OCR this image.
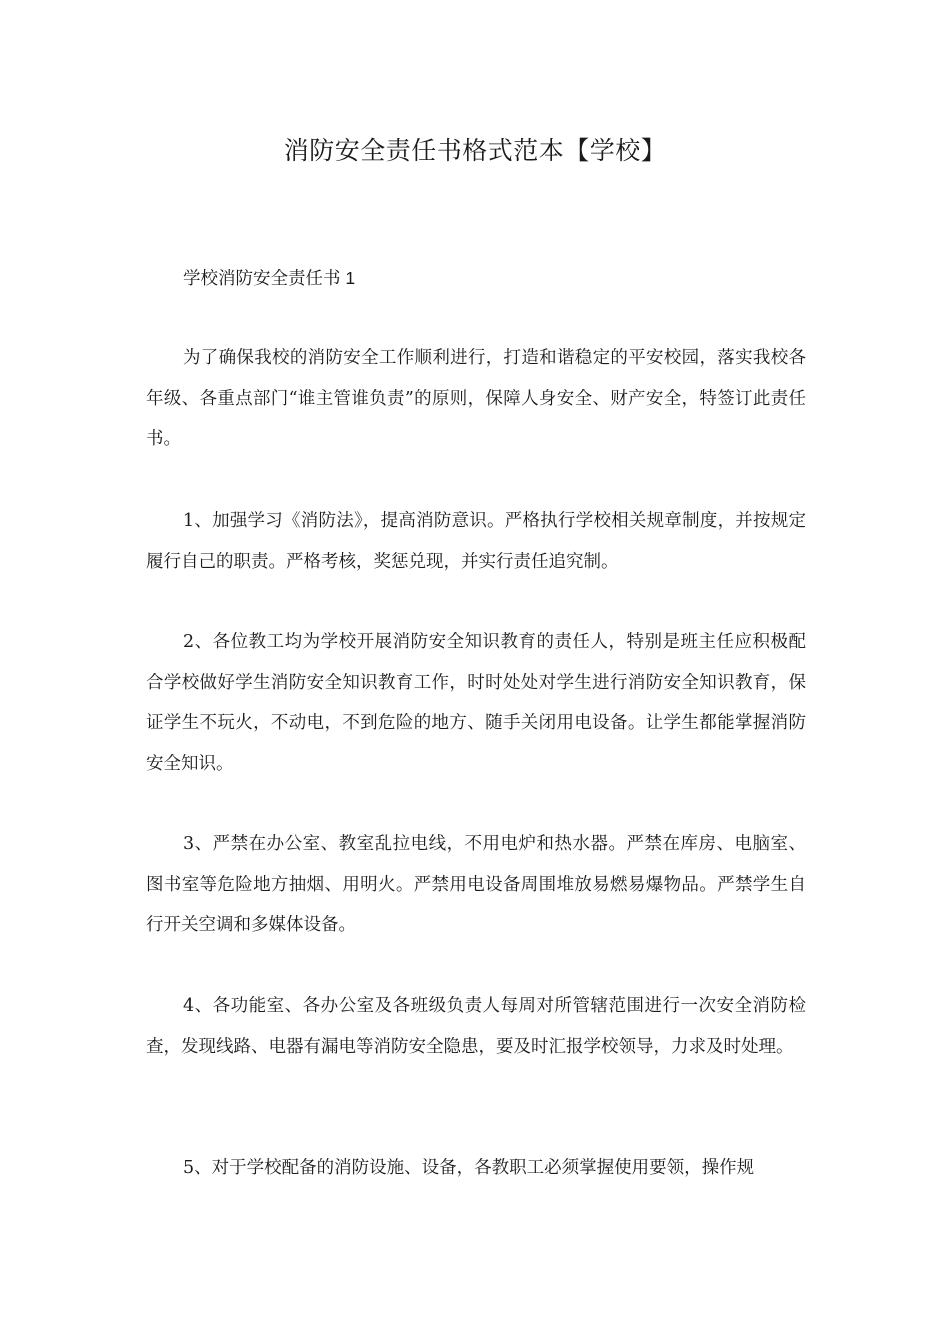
消防安全责任书格式范本【学校】
学校消防安全责任书 1

为了确保我校的消防安全工作顺利进行，打造和谐稳定的平安校园，落实我校各年级、各重点部门“谁主管谁负责”的原则，保障人身安全、财产安全，特签订此责任书。

1、加强学习《消防法》，提高消防意识。严格执行学校相关规章制度，并按规定履行自己的职责。严格考核，奖惩兑现，并实行责任追究制。

2、各位教工均为学校开展消防安全知识教育的责任人，特别是班主任应积极配合学校做好学生消防安全知识教育工作，时时处处对学生进行消防安全知识教育，保证学生不玩火，不动电，不到危险的地方、随手关闭用电设备。让学生都能掌握消防安全知识。

3、严禁在办公室、教室乱拉电线，不用电炉和热水器。严禁在库房、电脑室、图书室等危险地方抽烟、用明火。严禁用电设备周围堆放易燃易爆物品。严禁学生自行开关空调和多媒体设备。

4、各功能室、各办公室及各班级负责人每周对所管辖范围进行一次安全消防检查，发现线路、电器有漏电等消防安全隐患，要及时汇报学校领导，力求及时处理。

5、对于学校配备的消防设施、设备，各教职工必须掌握使用要领，操作规
